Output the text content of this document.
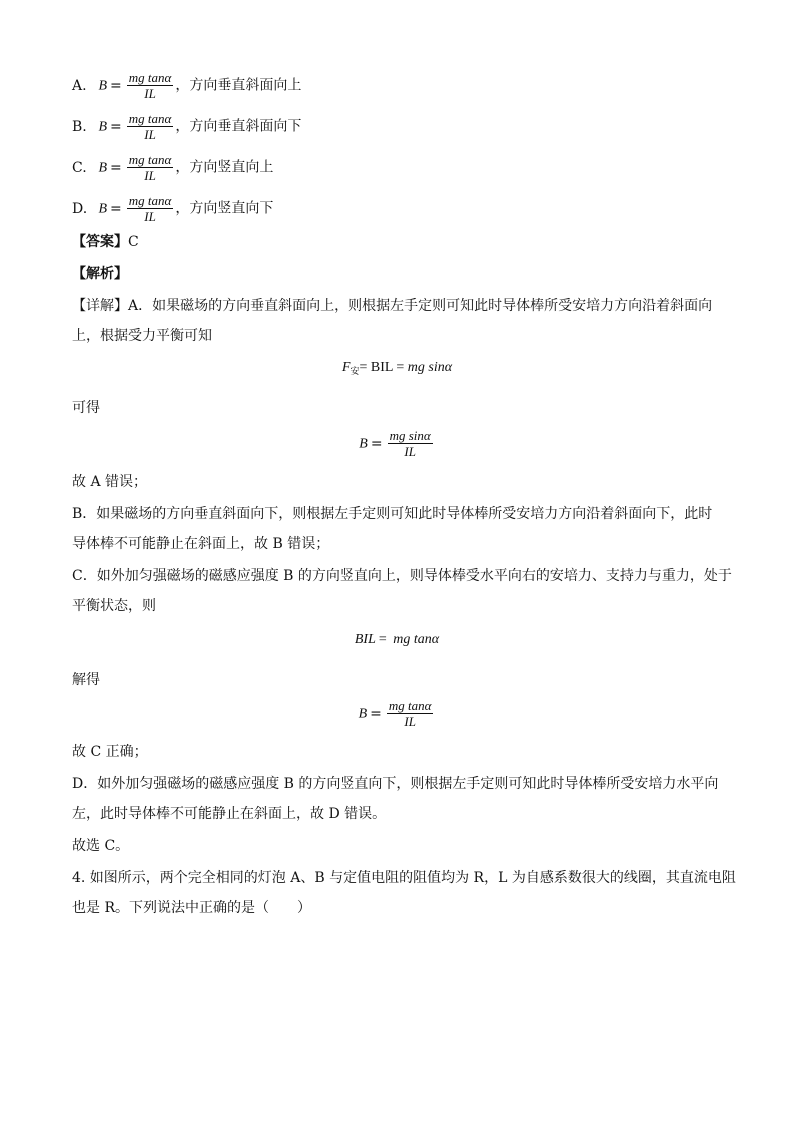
A. $B = \frac{\text{mg tanα}}{IL}$ ，方向垂直斜面向上
B. $B = \frac{\text{mg tanα}}{IL}$ ，方向垂直斜面向下
C. $B = \frac{\text{mg tanα}}{IL}$ ，方向竖直向上
D. $B = \frac{\text{mg tanα}}{IL}$ ，方向竖直向下
【答案】C
【解析】
【详解】A．如果磁场的方向垂直斜面向上，则根据左手定则可知此时导体棒所受安培力方向沿着斜面向
上，根据受力平衡可知
$F_安=$ BIL = mg sinα
可得
$B = \frac{\text{mg sinα}}{IL}$
故 A 错误；
B．如果磁场的方向垂直斜面向下，则根据左手定则可知此时导体棒所受安培力方向沿着斜面向下，此时
导体棒不可能静止在斜面上，故 B 错误；
C．如外加匀强磁场的磁感应强度 B 的方向竖直向上，则导体棒受水平向右的安培力、支持力与重力，处于
平衡状态，则
BIL = mg tanα
解得
$B = \frac{\text{mg tanα}}{IL}$
故 C 正确；
D．如外加匀强磁场的磁感应强度 B 的方向竖直向下，则根据左手定则可知此时导体棒所受安培力水平向
左，此时导体棒不可能静止在斜面上，故 D 错误。
故选 C。
4. 如图所示，两个完全相同的灯泡 A、B 与定值电阻的阻值均为 R，L 为自感系数很大的线圈，其直流电阻
也是 R。下列说法中正确的是（　　）
